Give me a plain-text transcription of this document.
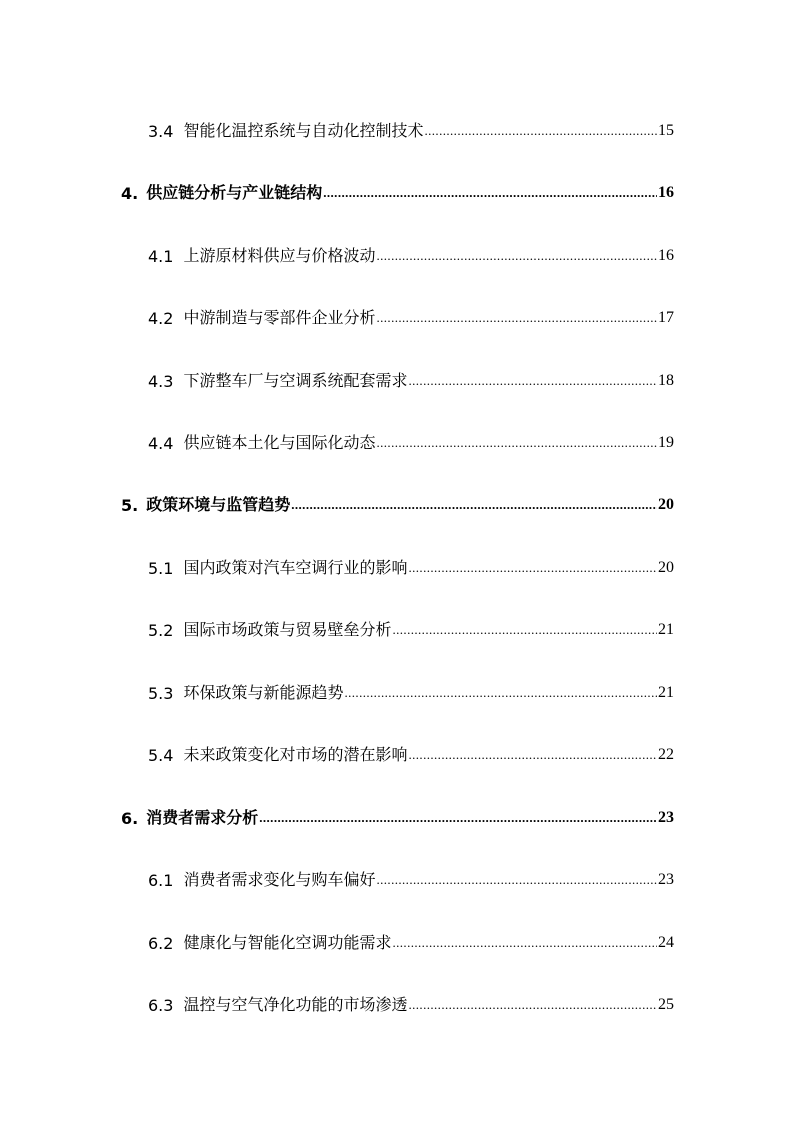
3.4 智能化温控系统与自动化控制技术 .....	15
4. 供应链分析与产业链结构 .....	16
4.1 上游原材料供应与价格波动 .....	16
4.2 中游制造与零部件企业分析 .....	17
4.3 下游整车厂与空调系统配套需求 .....	18
4.4 供应链本土化与国际化动态 .....	19
5. 政策环境与监管趋势 .....	20
5.1 国内政策对汽车空调行业的影响 .....	20
5.2 国际市场政策与贸易壁垒分析 .....	21
5.3 环保政策与新能源趋势 .....	21
5.4 未来政策变化对市场的潜在影响 .....	22
6. 消费者需求分析 .....	23
6.1 消费者需求变化与购车偏好 .....	23
6.2 健康化与智能化空调功能需求 .....	24
6.3 温控与空气净化功能的市场渗透 .....	25
